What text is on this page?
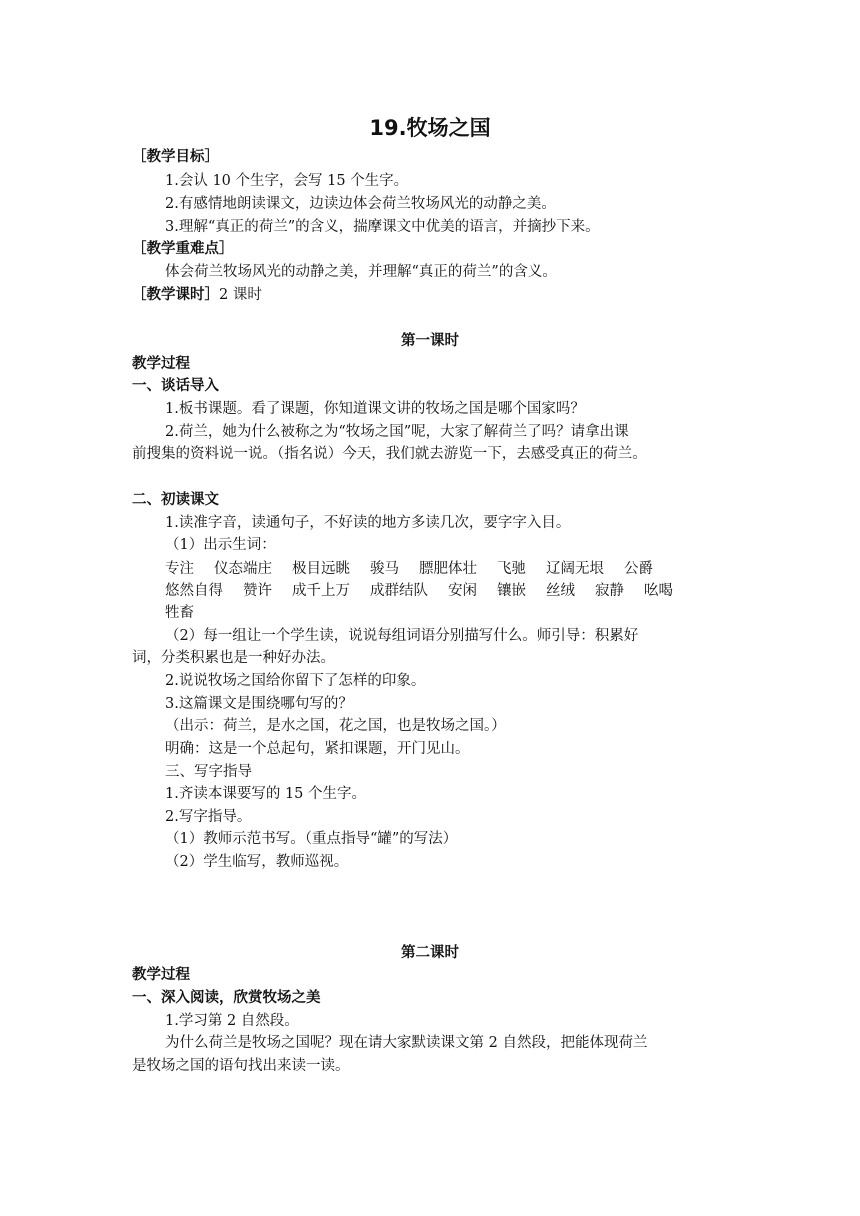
19.牧场之国
［教学目标］
1.会认 10 个生字，会写 15 个生字。
2.有感情地朗读课文，边读边体会荷兰牧场风光的动静之美。
3.理解“真正的荷兰”的含义，揣摩课文中优美的语言，并摘抄下来。
［教学重难点］
体会荷兰牧场风光的动静之美，并理解“真正的荷兰”的含义。
［教学课时］2 课时
第一课时
教学过程
一、谈话导入
1.板书课题。看了课题，你知道课文讲的牧场之国是哪个国家吗？
2.荷兰，她为什么被称之为“牧场之国”呢，大家了解荷兰了吗？请拿出课
前搜集的资料说一说。（指名说）今天，我们就去游览一下，去感受真正的荷兰。
二、初读课文
1.读准字音，读通句子，不好读的地方多读几次，要字字入目。
（1）出示生词：
专注 仪态端庄 极目远眺 骏马 膘肥体壮 飞驰 辽阔无垠 公爵
悠然自得 赞许 成千上万 成群结队 安闲 镶嵌 丝绒 寂静 吆喝
牲畜
（2）每一组让一个学生读，说说每组词语分别描写什么。师引导：积累好
词，分类积累也是一种好办法。
2.说说牧场之国给你留下了怎样的印象。
3.这篇课文是围绕哪句写的？
（出示：荷兰，是水之国，花之国，也是牧场之国。）
明确：这是一个总起句，紧扣课题，开门见山。
三、写字指导
1.齐读本课要写的 15 个生字。
2.写字指导。
（1）教师示范书写。（重点指导“罐”的写法）
（2）学生临写，教师巡视。
第二课时
教学过程
一、深入阅读，欣赏牧场之美
1.学习第 2 自然段。
为什么荷兰是牧场之国呢？现在请大家默读课文第 2 自然段，把能体现荷兰
是牧场之国的语句找出来读一读。
